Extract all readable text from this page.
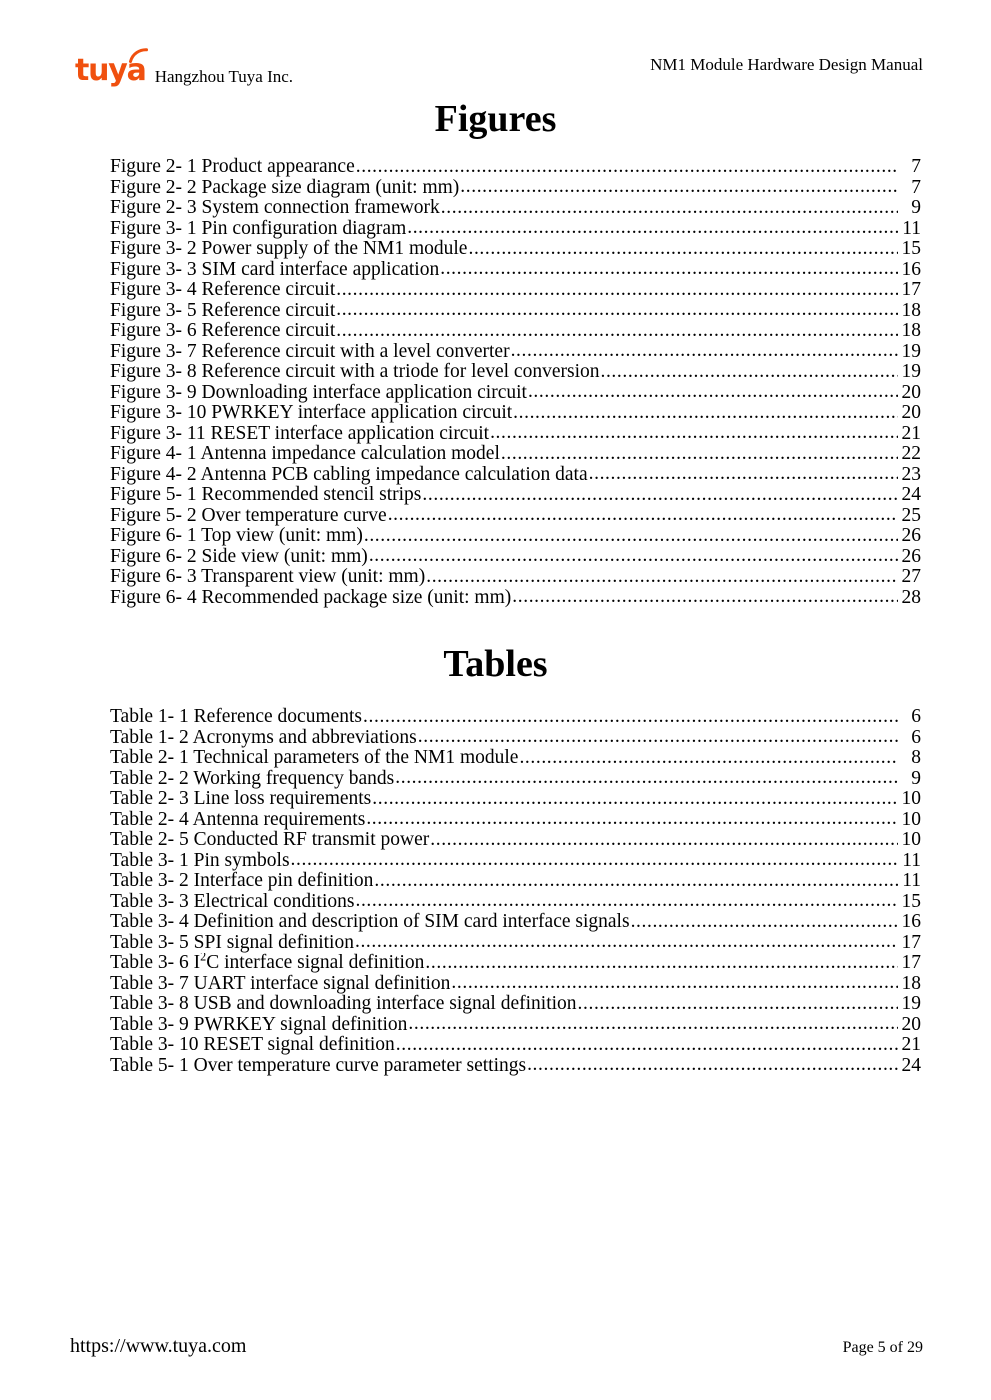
tuya Hangzhou Tuya Inc.
NM1 Module Hardware Design Manual
Figures
Figure 2- 1 Product appearance .....	7
Figure 2- 2 Package size diagram (unit: mm) .....	7
Figure 2- 3 System connection framework .....	9
Figure 3- 1 Pin configuration diagram .....	11
Figure 3- 2 Power supply of the NM1 module .....	15
Figure 3- 3 SIM card interface application .....	16
Figure 3- 4 Reference circuit .....	17
Figure 3- 5 Reference circuit .....	18
Figure 3- 6 Reference circuit .....	18
Figure 3- 7 Reference circuit with a level converter .....	19
Figure 3- 8 Reference circuit with a triode for level conversion .....	19
Figure 3- 9 Downloading interface application circuit .....	20
Figure 3- 10 PWRKEY interface application circuit .....	20
Figure 3- 11 RESET interface application circuit .....	21
Figure 4- 1 Antenna impedance calculation model .....	22
Figure 4- 2 Antenna PCB cabling impedance calculation data .....	23
Figure 5- 1 Recommended stencil strips .....	24
Figure 5- 2 Over temperature curve .....	25
Figure 6- 1 Top view (unit: mm) .....	26
Figure 6- 2 Side view (unit: mm) .....	26
Figure 6- 3 Transparent view (unit: mm) .....	27
Figure 6- 4 Recommended package size (unit: mm) .....	28
Tables
Table 1- 1 Reference documents .....	6
Table 1- 2 Acronyms and abbreviations .....	6
Table 2- 1 Technical parameters of the NM1 module .....	8
Table 2- 2 Working frequency bands .....	9
Table 2- 3 Line loss requirements .....	10
Table 2- 4 Antenna requirements .....	10
Table 2- 5 Conducted RF transmit power .....	10
Table 3- 1 Pin symbols .....	11
Table 3- 2 Interface pin definition .....	11
Table 3- 3 Electrical conditions .....	15
Table 3- 4 Definition and description of SIM card interface signals .....	16
Table 3- 5 SPI signal definition .....	17
Table 3- 6 $I^2C$ interface signal definition .....	17
Table 3- 7 UART interface signal definition .....	18
Table 3- 8 USB and downloading interface signal definition .....	19
Table 3- 9 PWRKEY signal definition .....	20
Table 3- 10 RESET signal definition .....	21
Table 5- 1 Over temperature curve parameter settings .....	24
https://www.tuya.com	Page 5 of 29
